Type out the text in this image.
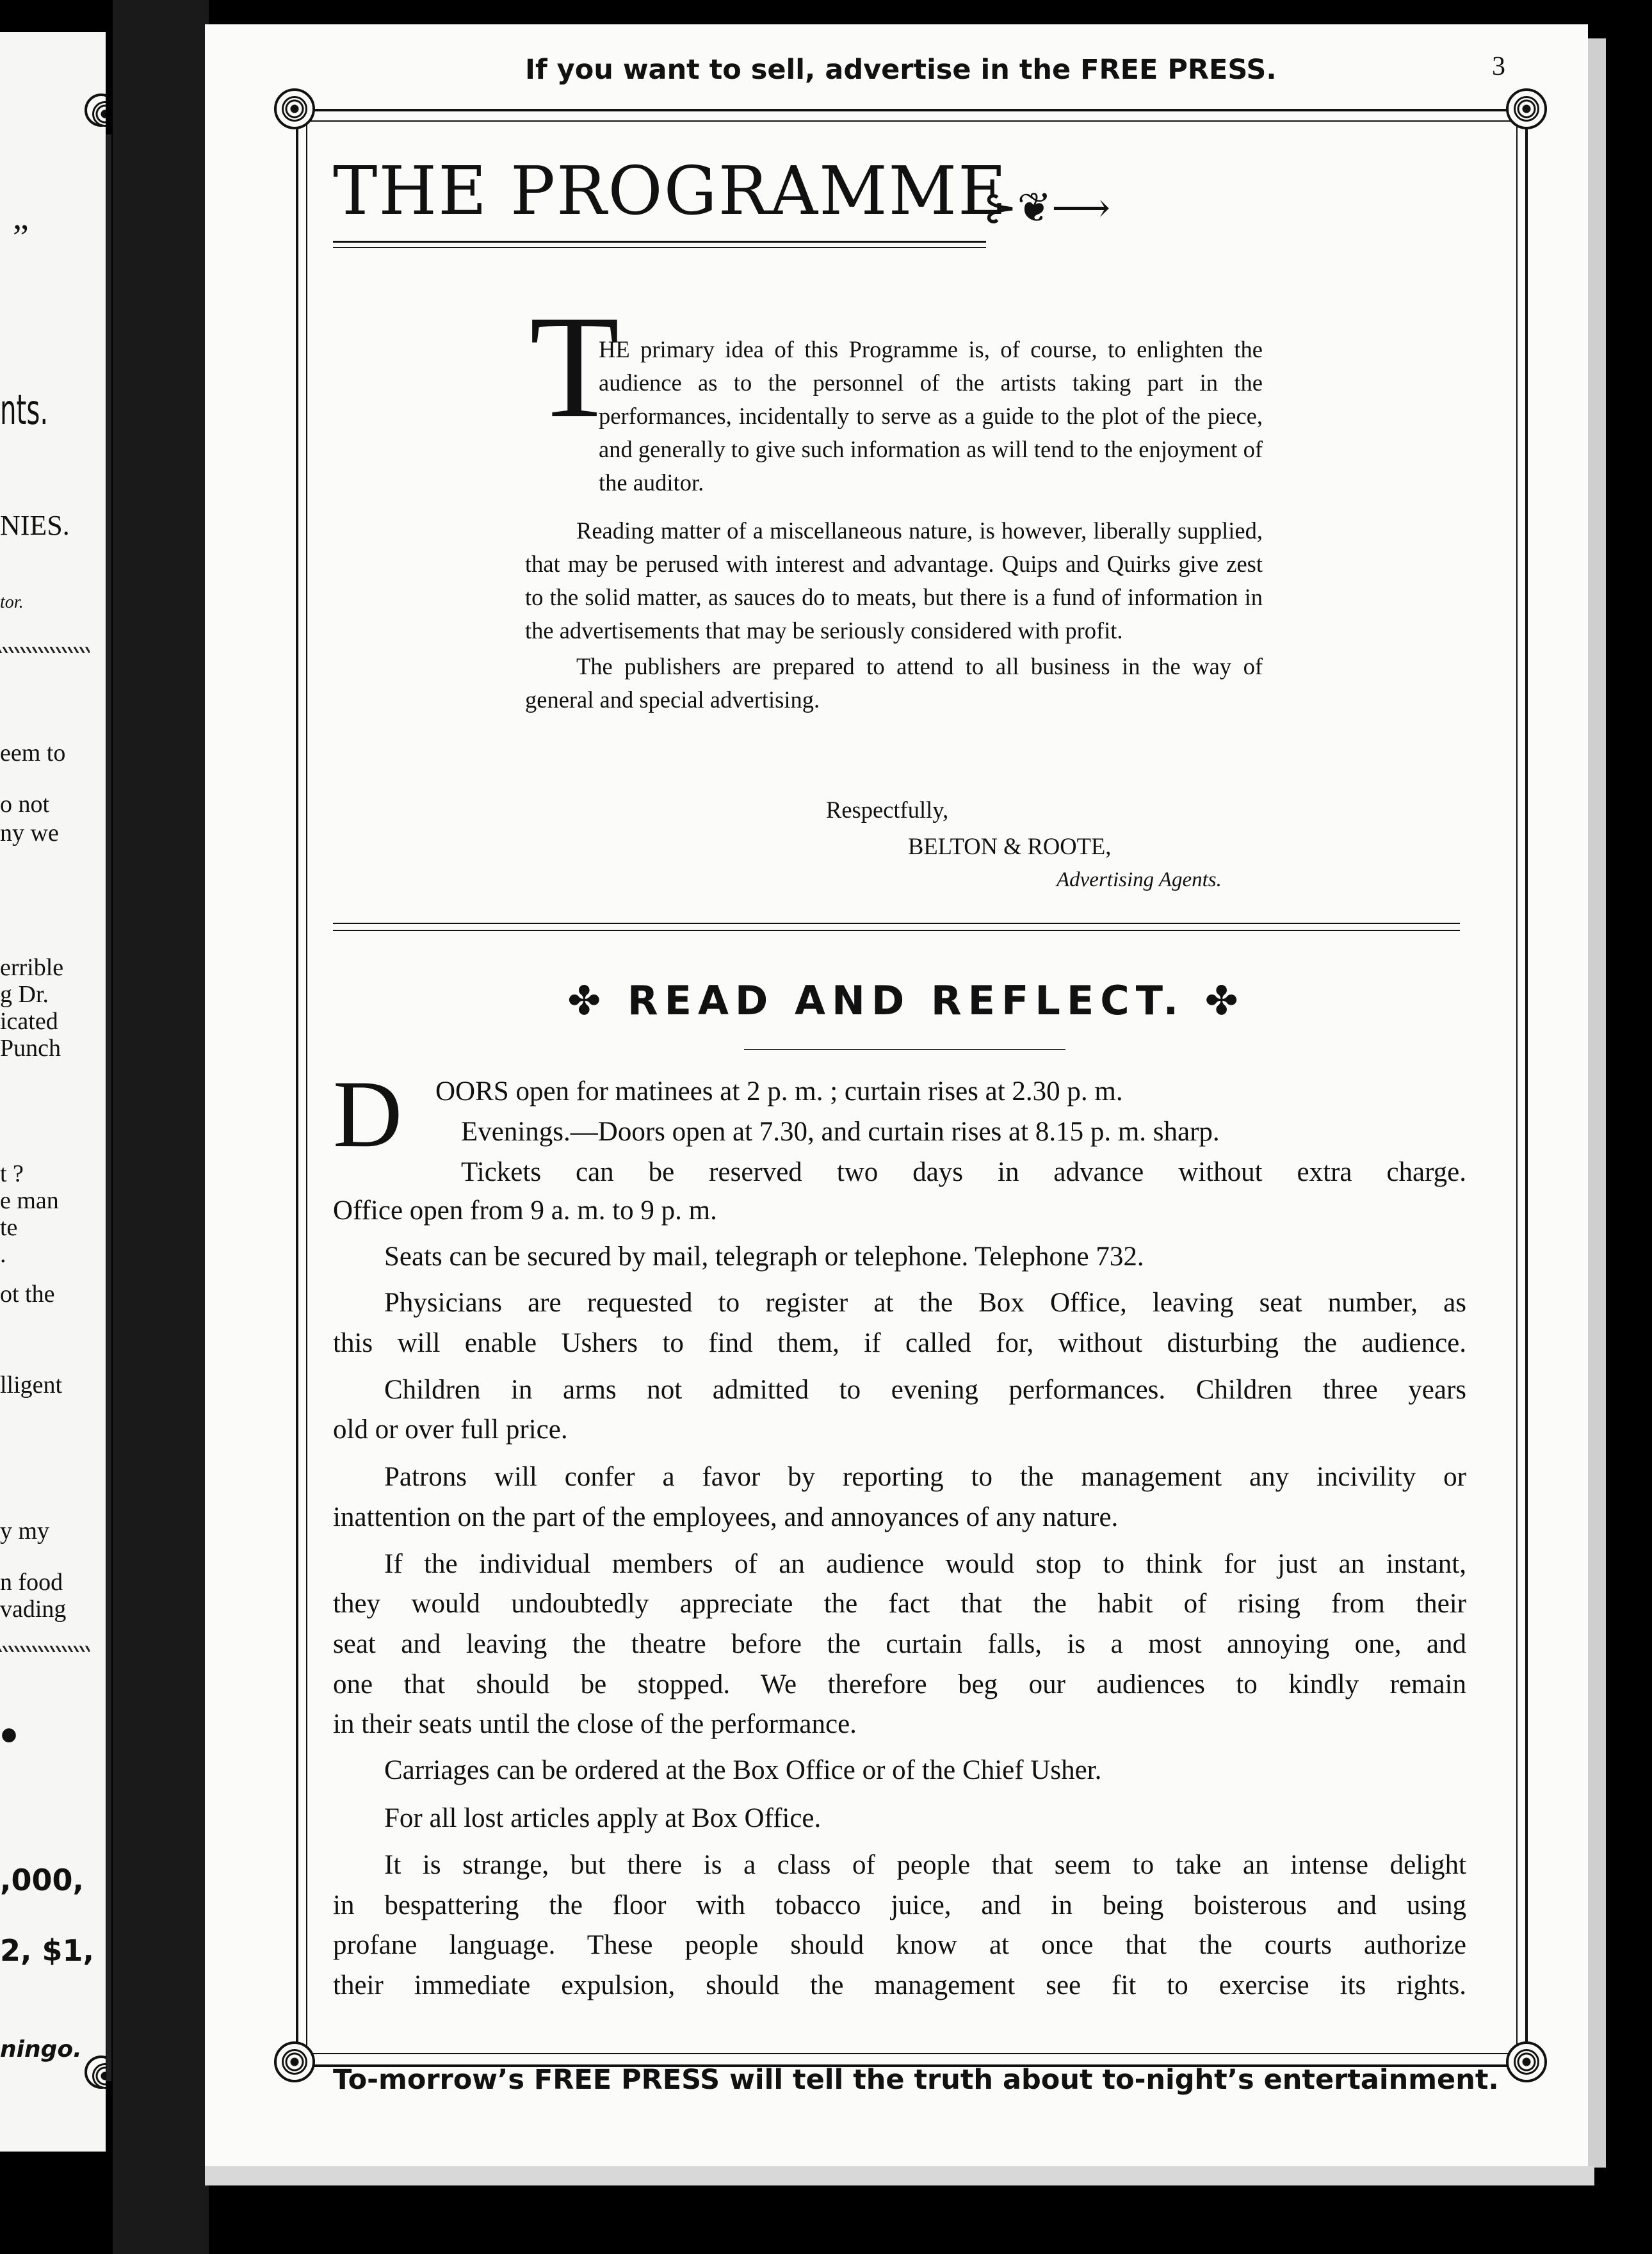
”
nts.
NIES.
tor.
eem to
o not
ny we
errible
g Dr.
icated
Punch
t ?
e man
te
.
ot the
lligent
y my
n food
vading
•
,000,
2, $1,
ningo.
If you want to sell, advertise in the FREE PRESS.	3
THE PROGRAMME
⊱❦⟶
T

HE primary idea of this Programme is, of course, to enlighten the audience as to the personnel of the artists taking part in the performances, incidentally to serve as a guide to the plot of the piece, and generally to give such information as will tend to the enjoyment of the auditor.

Reading matter of a miscellaneous nature, is however, liberally supplied, that may be perused with interest and advantage. Quips and Quirks give zest to the solid matter, as sauces do to meats, but there is a fund of information in the advertisements that may be seriously considered with profit.

The publishers are prepared to attend to all business in the way of general and special advertising.

Respectfully,
BELTON & ROOTE,
Advertising Agents.
✤ READ AND REFLECT. ✤
D OORS open for matinees at 2 p. m. ; curtain rises at 2.30 p. m.
Evenings.—Doors open at 7.30, and curtain rises at 8.15 p. m. sharp.
Tickets can be reserved two days in advance without extra charge.
Office open from 9 a. m. to 9 p. m.
Seats can be secured by mail, telegraph or telephone. Telephone 732.
Physicians are requested to register at the Box Office, leaving seat number, as
this will enable Ushers to find them, if called for, without disturbing the audience.
Children in arms not admitted to evening performances. Children three years
old or over full price.
Patrons will confer a favor by reporting to the management any incivility or
inattention on the part of the employees, and annoyances of any nature.
If the individual members of an audience would stop to think for just an instant,
they would undoubtedly appreciate the fact that the habit of rising from their
seat and leaving the theatre before the curtain falls, is a most annoying one, and
one that should be stopped. We therefore beg our audiences to kindly remain
in their seats until the close of the performance.
Carriages can be ordered at the Box Office or of the Chief Usher.
For all lost articles apply at Box Office.
It is strange, but there is a class of people that seem to take an intense delight
in bespattering the floor with tobacco juice, and in being boisterous and using
profane language. These people should know at once that the courts authorize
their immediate expulsion, should the management see fit to exercise its rights.
To-morrow’s FREE PRESS will tell the truth about to-night’s entertainment.
